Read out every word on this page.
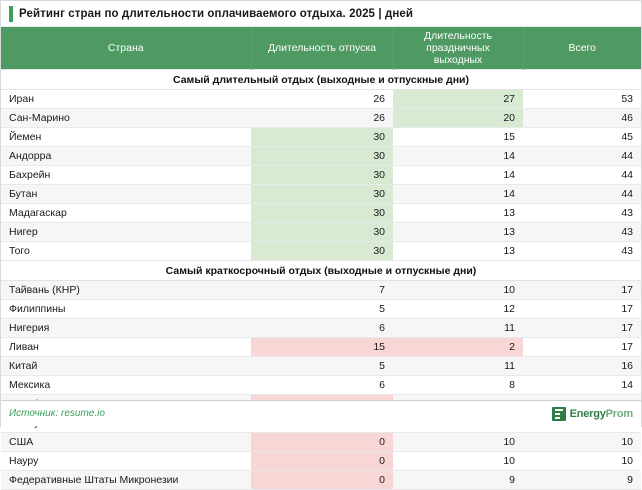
Рейтинг стран по длительности оплачиваемого отдыха. 2025 | дней
Страна	Длительность отпуска	Длительность праздничных выходных	Всего
Самый длительный отдых (выходные и отпускные дни)			
Иран	26	27	53
Сан-Марино	26	20	46
Йемен	30	15	45
Андорра	30	14	44
Бахрейн	30	14	44
Бутан	30	14	44
Мадагаскар	30	13	43
Нигер	30	13	43
Того	30	13	43
Самый краткосрочный отдых (выходные и отпускные дни)			
Тайвань (КНР)	7	10	17
Филиппины	5	12	17
Нигерия	6	11	17
Ливан	15	2	17
Китай	5	11	16
Мексика	6	8	14

США	0	10	10
Науру	0	10	10
Федеративные Штаты Микронезии	0	9	9
Источник: resume.io	EnergyProm
